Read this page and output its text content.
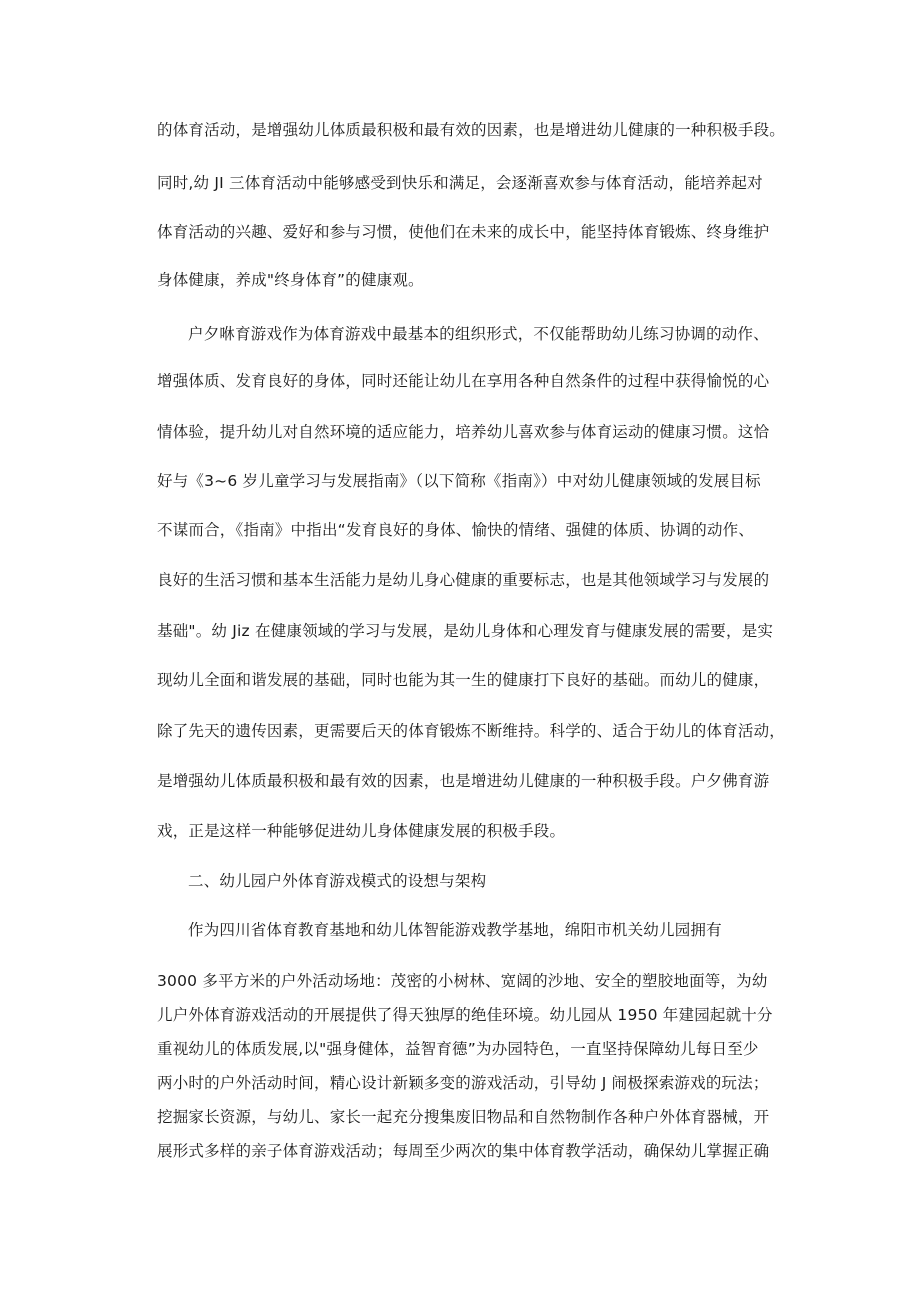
的体育活动，是增强幼儿体质最积极和最有效的因素，也是增进幼儿健康的一种积极手段。
同时,幼 JI 三体育活动中能够感受到快乐和满足，会逐渐喜欢参与体育活动，能培养起对
体育活动的兴趣、爱好和参与习惯，使他们在未来的成长中，能坚持体育锻炼、终身维护
身体健康，养成"终身体育”的健康观。
户夕咻育游戏作为体育游戏中最基本的组织形式，不仅能帮助幼儿练习协调的动作、
增强体质、发育良好的身体，同时还能让幼儿在享用各种自然条件的过程中获得愉悦的心
情体验，提升幼儿对自然环境的适应能力，培养幼儿喜欢参与体育运动的健康习惯。这恰
好与《3~6 岁儿童学习与发展指南》（以下简称《指南》）中对幼儿健康领域的发展目标
不谋而合，《指南》中指出“发育良好的身体、愉快的情绪、强健的体质、协调的动作、
良好的生活习惯和基本生活能力是幼儿身心健康的重要标志，也是其他领域学习与发展的
基础"。幼 Jiz 在健康领域的学习与发展，是幼儿身体和心理发育与健康发展的需要，是实
现幼儿全面和谐发展的基础，同时也能为其一生的健康打下良好的基础。而幼儿的健康，
除了先天的遗传因素，更需要后天的体育锻炼不断维持。科学的、适合于幼儿的体育活动，
是增强幼儿体质最积极和最有效的因素，也是增进幼儿健康的一种积极手段。户夕佛育游
戏，正是这样一种能够促进幼儿身体健康发展的积极手段。
二、幼儿园户外体育游戏模式的设想与架构
作为四川省体育教育基地和幼儿体智能游戏教学基地，绵阳市机关幼儿园拥有
3000 多平方米的户外活动场地：茂密的小树林、宽阔的沙地、安全的塑胶地面等，为幼
儿户外体育游戏活动的开展提供了得天独厚的绝佳环境。幼儿园从 1950 年建园起就十分
重视幼儿的体质发展,以"强身健体，益智育德”为办园特色，一直坚持保障幼儿每日至少
两小时的户外活动时间，精心设计新颖多变的游戏活动，引导幼 J 闹极探索游戏的玩法；
挖掘家长资源，与幼儿、家长一起充分搜集废旧物品和自然物制作各种户外体育器械，开
展形式多样的亲子体育游戏活动；每周至少两次的集中体育教学活动，确保幼儿掌握正确
